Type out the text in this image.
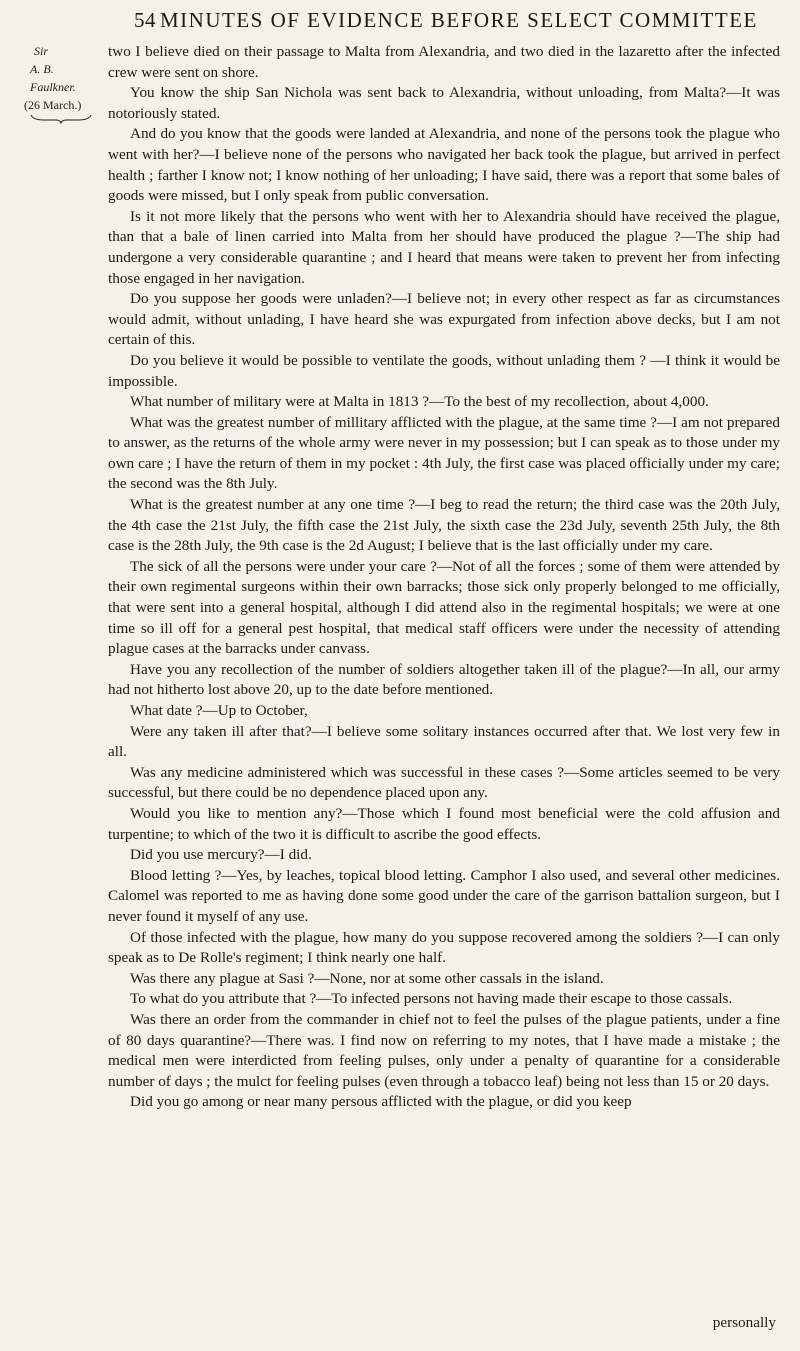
54 MINUTES OF EVIDENCE BEFORE SELECT COMMITTEE
Sir
A. B. Faulkner.
(26 March.)

two I believe died on their passage to Malta from Alexandria, and two died in the lazaretto after the infected crew were sent on shore.

You know the ship San Nichola was sent back to Alexandria, without unloading, from Malta?—It was notoriously stated.

And do you know that the goods were landed at Alexandria, and none of the persons took the plague who went with her?—I believe none of the persons who navigated her back took the plague, but arrived in perfect health ; farther I know not; I know nothing of her unloading; I have said, there was a report that some bales of goods were missed, but I only speak from public conversation.

Is it not more likely that the persons who went with her to Alexandria should have received the plague, than that a bale of linen carried into Malta from her should have produced the plague ?—The ship had undergone a very considerable quarantine ; and I heard that means were taken to prevent her from infecting those engaged in her navigation.

Do you suppose her goods were unladen?—I believe not; in every other respect as far as circumstances would admit, without unlading, I have heard she was expurgated from infection above decks, but I am not certain of this.

Do you believe it would be possible to ventilate the goods, without unlading them ? —I think it would be impossible.

What number of military were at Malta in 1813 ?—To the best of my recollection, about 4,000.

What was the greatest number of millitary afflicted with the plague, at the same time ?—I am not prepared to answer, as the returns of the whole army were never in my possession; but I can speak as to those under my own care ; I have the return of them in my pocket : 4th July, the first case was placed officially under my care; the second was the 8th July.

What is the greatest number at any one time ?—I beg to read the return; the third case was the 20th July, the 4th case the 21st July, the fifth case the 21st July, the sixth case the 23d July, seventh 25th July, the 8th case is the 28th July, the 9th case is the 2d August; I believe that is the last officially under my care.

The sick of all the persons were under your care ?—Not of all the forces ; some of them were attended by their own regimental surgeons within their own barracks; those sick only properly belonged to me officially, that were sent into a general hospital, although I did attend also in the regimental hospitals; we were at one time so ill off for a general pest hospital, that medical staff officers were under the necessity of attending plague cases at the barracks under canvass.

Have you any recollection of the number of soldiers altogether taken ill of the plague?—In all, our army had not hitherto lost above 20, up to the date before mentioned.

What date ?—Up to October,

Were any taken ill after that?—I believe some solitary instances occurred after that. We lost very few in all.

Was any medicine administered which was successful in these cases ?—Some articles seemed to be very successful, but there could be no dependence placed upon any.

Would you like to mention any?—Those which I found most beneficial were the cold affusion and turpentine; to which of the two it is difficult to ascribe the good effects.

Did you use mercury?—I did.

Blood letting ?—Yes, by leaches, topical blood letting. Camphor I also used, and several other medicines. Calomel was reported to me as having done some good under the care of the garrison battalion surgeon, but I never found it myself of any use.

Of those infected with the plague, how many do you suppose recovered among the soldiers ?—I can only speak as to De Rolle's regiment; I think nearly one half.

Was there any plague at Sasi ?—None, nor at some other cassals in the island.

To what do you attribute that ?—To infected persons not having made their escape to those cassals.

Was there an order from the commander in chief not to feel the pulses of the plague patients, under a fine of 80 days quarantine?—There was. I find now on referring to my notes, that I have made a mistake ; the medical men were interdicted from feeling pulses, only under a penalty of quarantine for a considerable number of days ; the mulct for feeling pulses (even through a tobacco leaf) being not less than 15 or 20 days.

Did you go among or near many persous afflicted with the plague, or did you keep

personally
